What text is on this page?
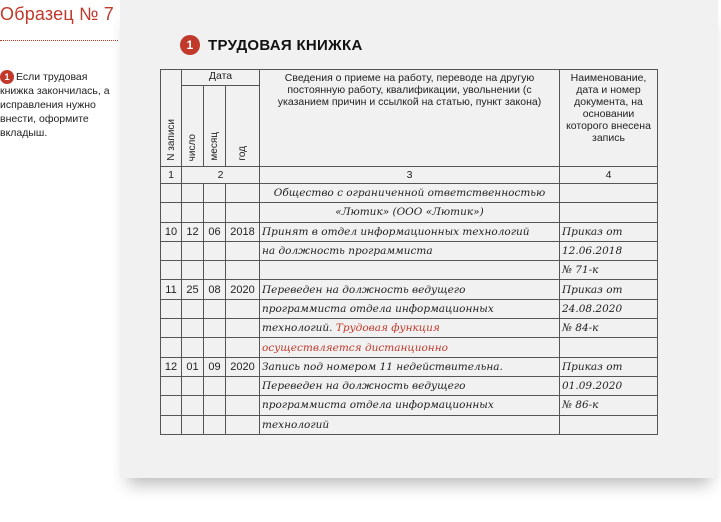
Образец № 7
1 Если трудовая книжка закончилась, а исправления нужно внести, оформите вкладыш.
1 ТРУДОВАЯ КНИЖКА
N записи	Дата			Сведения о приеме на работу, переводе на другую постоянную работу, квалификации, увольнении (с указанием причин и ссылкой на статью, пункт закона)	Наименование, дата и номер документа, на основании которого внесена запись
	число	месяц	год		
1	2			3	4
				Общество с ограниченной ответственностью	
				«Лютик» (ООО «Лютик»)	
10	12	06	2018	Принят в отдел информационных технологий	Приказ от
				на должность программиста	12.06.2018
					№ 71-к
11	25	08	2020	Переведен на должность ведущего	Приказ от
				программиста отдела информационных	24.08.2020
				технологий. Трудовая функция	№ 84-к
				осуществляется дистанционно	
12	01	09	2020	Запись под номером 11 недействительна.	Приказ от
				Переведен на должность ведущего	01.09.2020
				программиста отдела информационных	№ 86-к
				технологий	
